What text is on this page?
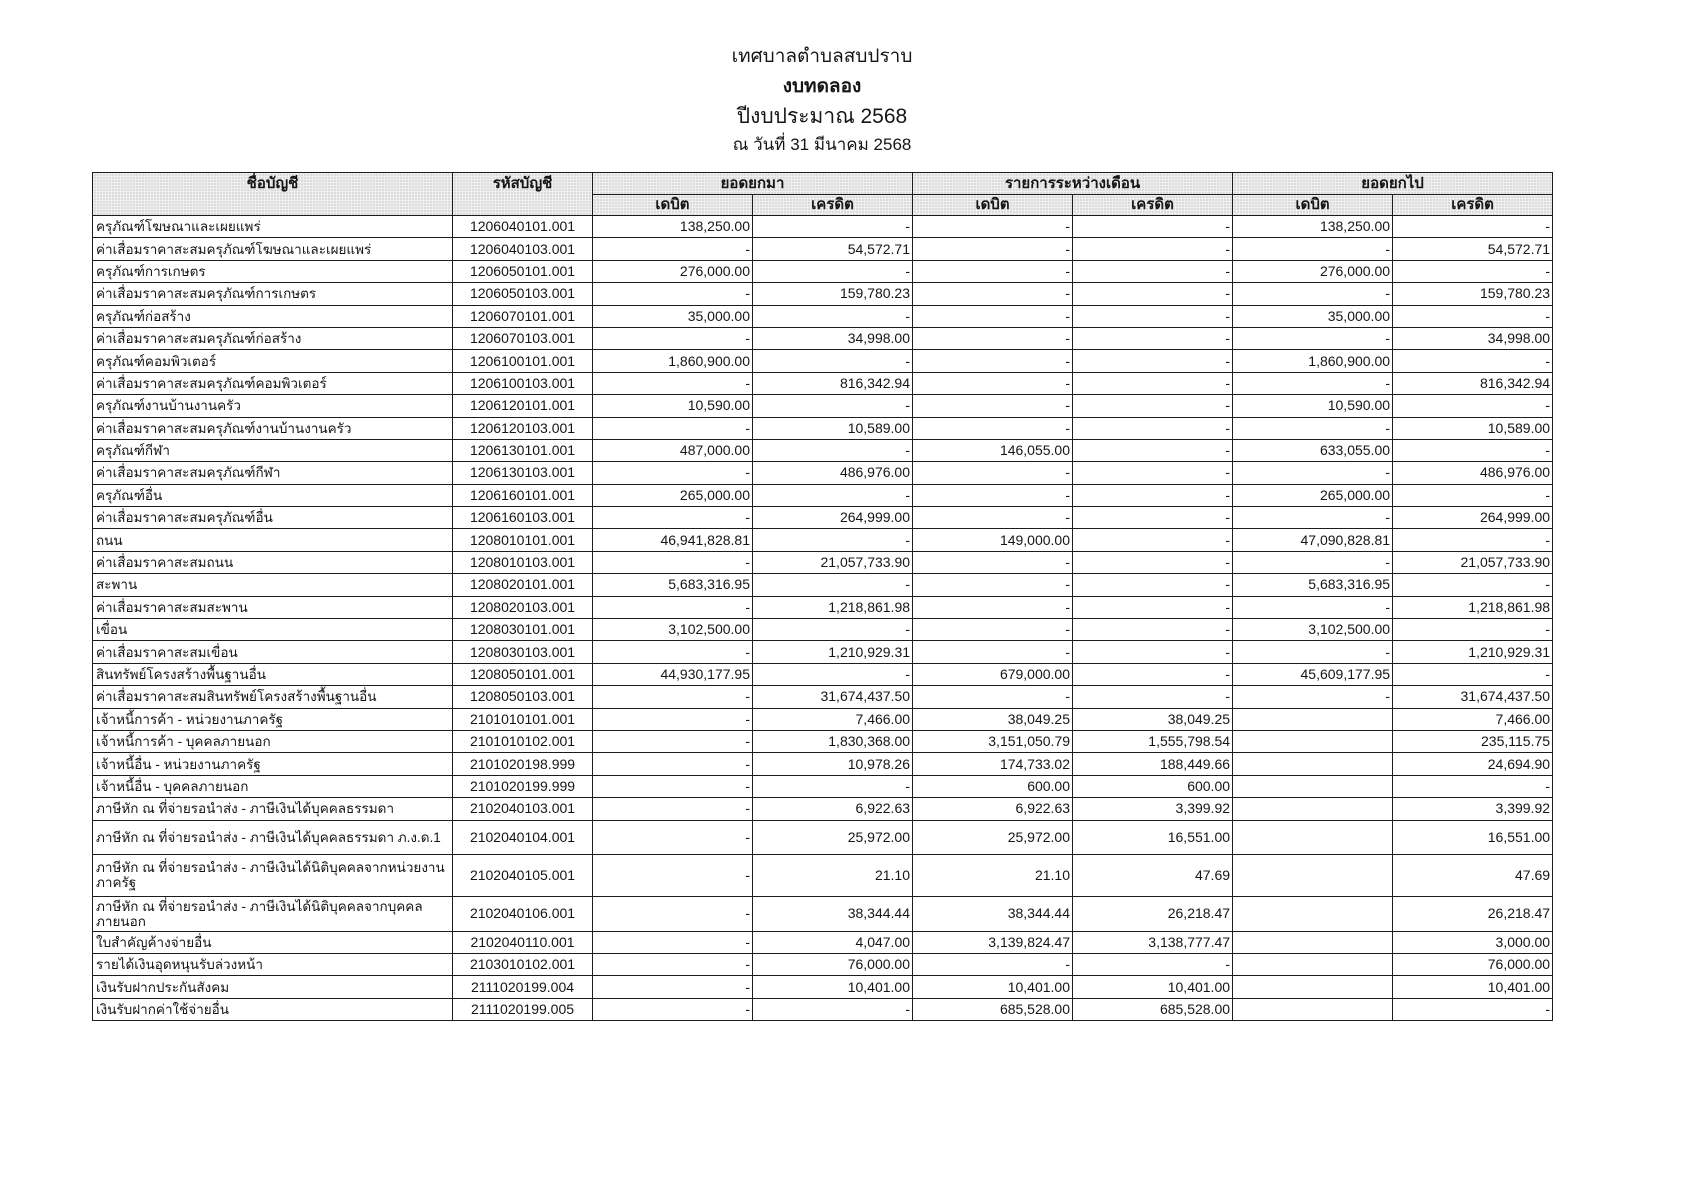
เทศบาลตำบลสบปราบ
งบทดลอง
ปีงบประมาณ 2568
ณ วันที่ 31 มีนาคม 2568
ชื่อบัญชี	รหัสบัญชี	ยอดยกมา		รายการระหว่างเดือน		ยอดยกไป	
		เดบิต	เครดิต	เดบิต	เครดิต	เดบิต	เครดิต
ครุภัณฑ์โฆษณาและเผยแพร่	1206040101.001	138,250.00	-	-	-	138,250.00	-
ค่าเสื่อมราคาสะสมครุภัณฑ์โฆษณาและเผยแพร่	1206040103.001	-	54,572.71	-	-	-	54,572.71
ครุภัณฑ์การเกษตร	1206050101.001	276,000.00	-	-	-	276,000.00	-
ค่าเสื่อมราคาสะสมครุภัณฑ์การเกษตร	1206050103.001	-	159,780.23	-	-	-	159,780.23
ครุภัณฑ์ก่อสร้าง	1206070101.001	35,000.00	-	-	-	35,000.00	-
ค่าเสื่อมราคาสะสมครุภัณฑ์ก่อสร้าง	1206070103.001	-	34,998.00	-	-	-	34,998.00
ครุภัณฑ์คอมพิวเตอร์	1206100101.001	1,860,900.00	-	-	-	1,860,900.00	-
ค่าเสื่อมราคาสะสมครุภัณฑ์คอมพิวเตอร์	1206100103.001	-	816,342.94	-	-	-	816,342.94
ครุภัณฑ์งานบ้านงานครัว	1206120101.001	10,590.00	-	-	-	10,590.00	-
ค่าเสื่อมราคาสะสมครุภัณฑ์งานบ้านงานครัว	1206120103.001	-	10,589.00	-	-	-	10,589.00
ครุภัณฑ์กีฬา	1206130101.001	487,000.00	-	146,055.00	-	633,055.00	-
ค่าเสื่อมราคาสะสมครุภัณฑ์กีฬา	1206130103.001	-	486,976.00	-	-	-	486,976.00
ครุภัณฑ์อื่น	1206160101.001	265,000.00	-	-	-	265,000.00	-
ค่าเสื่อมราคาสะสมครุภัณฑ์อื่น	1206160103.001	-	264,999.00	-	-	-	264,999.00
ถนน	1208010101.001	46,941,828.81	-	149,000.00	-	47,090,828.81	-
ค่าเสื่อมราคาสะสมถนน	1208010103.001	-	21,057,733.90	-	-	-	21,057,733.90
สะพาน	1208020101.001	5,683,316.95	-	-	-	5,683,316.95	-
ค่าเสื่อมราคาสะสมสะพาน	1208020103.001	-	1,218,861.98	-	-	-	1,218,861.98
เขื่อน	1208030101.001	3,102,500.00	-	-	-	3,102,500.00	-
ค่าเสื่อมราคาสะสมเขื่อน	1208030103.001	-	1,210,929.31	-	-	-	1,210,929.31
สินทรัพย์โครงสร้างพื้นฐานอื่น	1208050101.001	44,930,177.95	-	679,000.00	-	45,609,177.95	-
ค่าเสื่อมราคาสะสมสินทรัพย์โครงสร้างพื้นฐานอื่น	1208050103.001	-	31,674,437.50	-	-	-	31,674,437.50
เจ้าหนี้การค้า - หน่วยงานภาครัฐ	2101010101.001	-	7,466.00	38,049.25	38,049.25		7,466.00
เจ้าหนี้การค้า - บุคคลภายนอก	2101010102.001	-	1,830,368.00	3,151,050.79	1,555,798.54		235,115.75
เจ้าหนี้อื่น - หน่วยงานภาครัฐ	2101020198.999	-	10,978.26	174,733.02	188,449.66		24,694.90
เจ้าหนี้อื่น - บุคคลภายนอก	2101020199.999	-	-	600.00	600.00		-
ภาษีหัก ณ ที่จ่ายรอนำส่ง - ภาษีเงินได้บุคคลธรรมดา	2102040103.001	-	6,922.63	6,922.63	3,399.92		3,399.92
ภาษีหัก ณ ที่จ่ายรอนำส่ง - ภาษีเงินได้บุคคลธรรมดา ภ.ง.ด.1	2102040104.001	-	25,972.00	25,972.00	16,551.00		16,551.00
ภาษีหัก ณ ที่จ่ายรอนำส่ง - ภาษีเงินได้นิติบุคคลจากหน่วยงานภาครัฐ	2102040105.001	-	21.10	21.10	47.69		47.69
ภาษีหัก ณ ที่จ่ายรอนำส่ง - ภาษีเงินได้นิติบุคคลจากบุคคลภายนอก	2102040106.001	-	38,344.44	38,344.44	26,218.47		26,218.47
ใบสำคัญค้างจ่ายอื่น	2102040110.001	-	4,047.00	3,139,824.47	3,138,777.47		3,000.00
รายได้เงินอุดหนุนรับล่วงหน้า	2103010102.001	-	76,000.00	-	-		76,000.00
เงินรับฝากประกันสังคม	2111020199.004	-	10,401.00	10,401.00	10,401.00		10,401.00
เงินรับฝากค่าใช้จ่ายอื่น	2111020199.005	-	-	685,528.00	685,528.00		-
